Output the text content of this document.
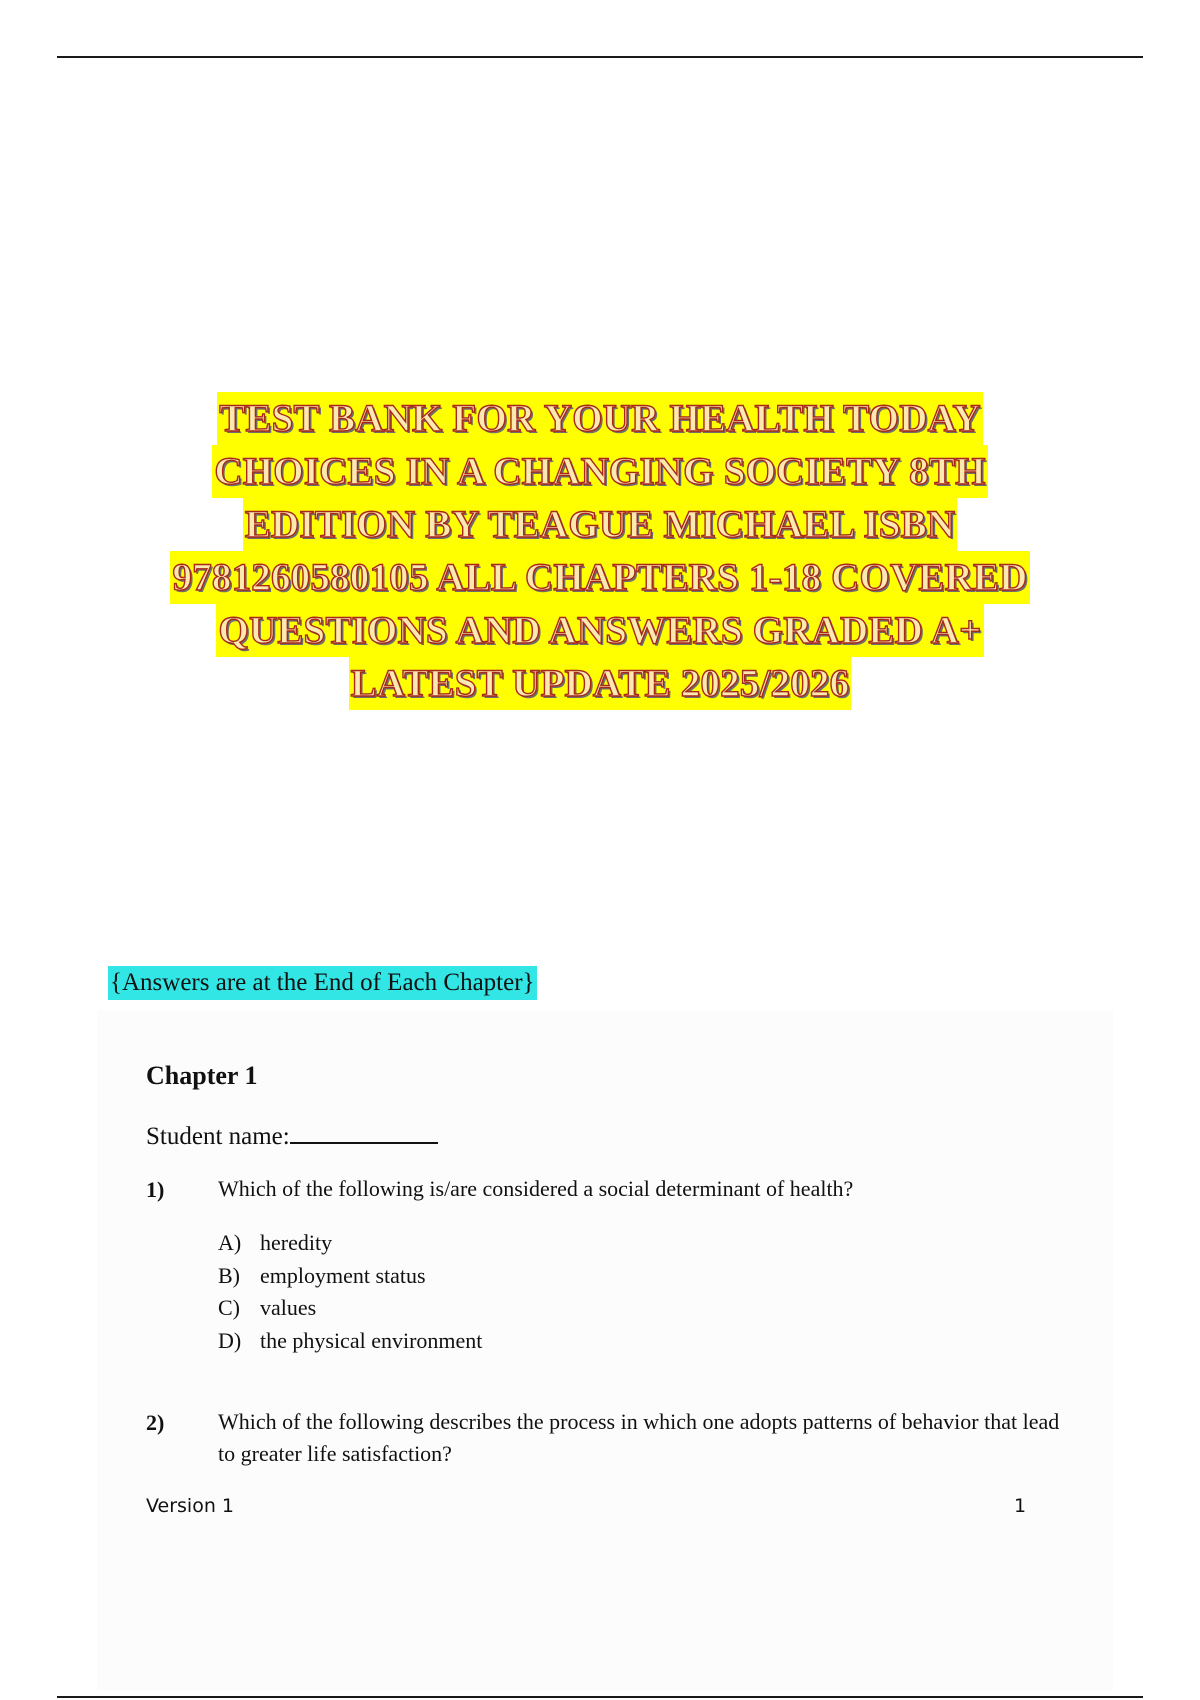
TEST BANK FOR YOUR HEALTH TODAY
CHOICES IN A CHANGING SOCIETY 8TH
EDITION BY TEAGUE MICHAEL ISBN
9781260580105 ALL CHAPTERS 1-18 COVERED
QUESTIONS AND ANSWERS GRADED A+
LATEST UPDATE 2025/2026
{Answers are at the End of Each Chapter}
Chapter 1
Student name:
1) Which of the following is/are considered a social determinant of health?
A) heredity
B) employment status
C) values
D) the physical environment
2) Which of the following describes the process in which one adopts patterns of behavior that lead to greater life satisfaction?
Version 1	1
